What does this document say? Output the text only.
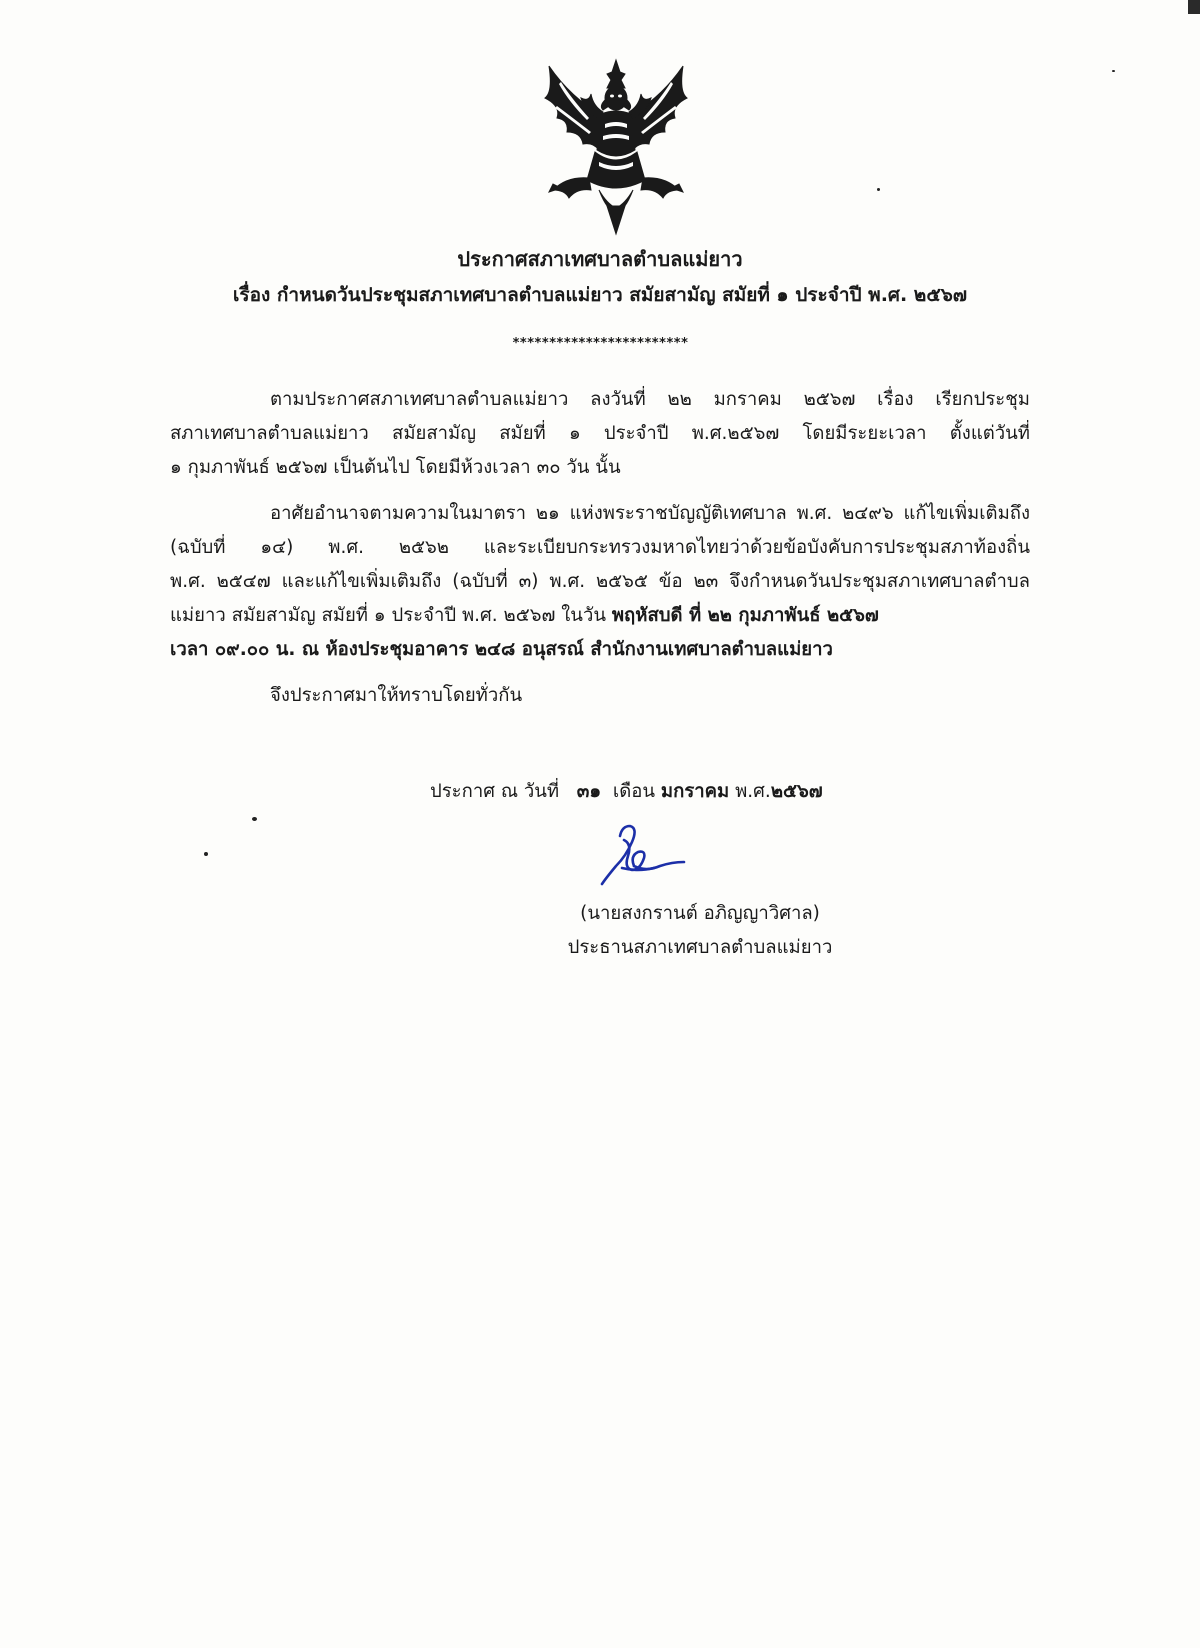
ประกาศสภาเทศบาลตำบลแม่ยาว
เรื่อง กำหนดวันประชุมสภาเทศบาลตำบลแม่ยาว สมัยสามัญ สมัยที่ ๑ ประจำปี พ.ศ. ๒๕๖๗
************************
ตามประกาศสภาเทศบาลตำบลแม่ยาว ลงวันที่ ๒๒ มกราคม ๒๕๖๗ เรื่อง เรียกประชุม
สภาเทศบาลตำบลแม่ยาว สมัยสามัญ สมัยที่ ๑ ประจำปี พ.ศ.๒๕๖๗ โดยมีระยะเวลา ตั้งแต่วันที่
๑ กุมภาพันธ์ ๒๕๖๗ เป็นต้นไป โดยมีห้วงเวลา ๓๐ วัน นั้น
อาศัยอำนาจตามความในมาตรา ๒๑ แห่งพระราชบัญญัติเทศบาล พ.ศ. ๒๔๙๖ แก้ไขเพิ่มเติมถึง
(ฉบับที่ ๑๔) พ.ศ. ๒๕๖๒ และระเบียบกระทรวงมหาดไทยว่าด้วยข้อบังคับการประชุมสภาท้องถิ่น
พ.ศ. ๒๕๔๗ และแก้ไขเพิ่มเติมถึง (ฉบับที่ ๓) พ.ศ. ๒๕๖๕ ข้อ ๒๓ จึงกำหนดวันประชุมสภาเทศบาลตำบล
แม่ยาว สมัยสามัญ สมัยที่ ๑ ประจำปี พ.ศ. ๒๕๖๗ ในวัน พฤหัสบดี ที่ ๒๒ กุมภาพันธ์ ๒๕๖๗
เวลา ๐๙.๐๐ น. ณ ห้องประชุมอาคาร ๒๔๘ อนุสรณ์ สำนักงานเทศบาลตำบลแม่ยาว
จึงประกาศมาให้ทราบโดยทั่วกัน
ประกาศ ณ วันที่ ๓๑ เดือน มกราคม พ.ศ.๒๕๖๗
(นายสงกรานต์ อภิญญาวิศาล)
ประธานสภาเทศบาลตำบลแม่ยาว
